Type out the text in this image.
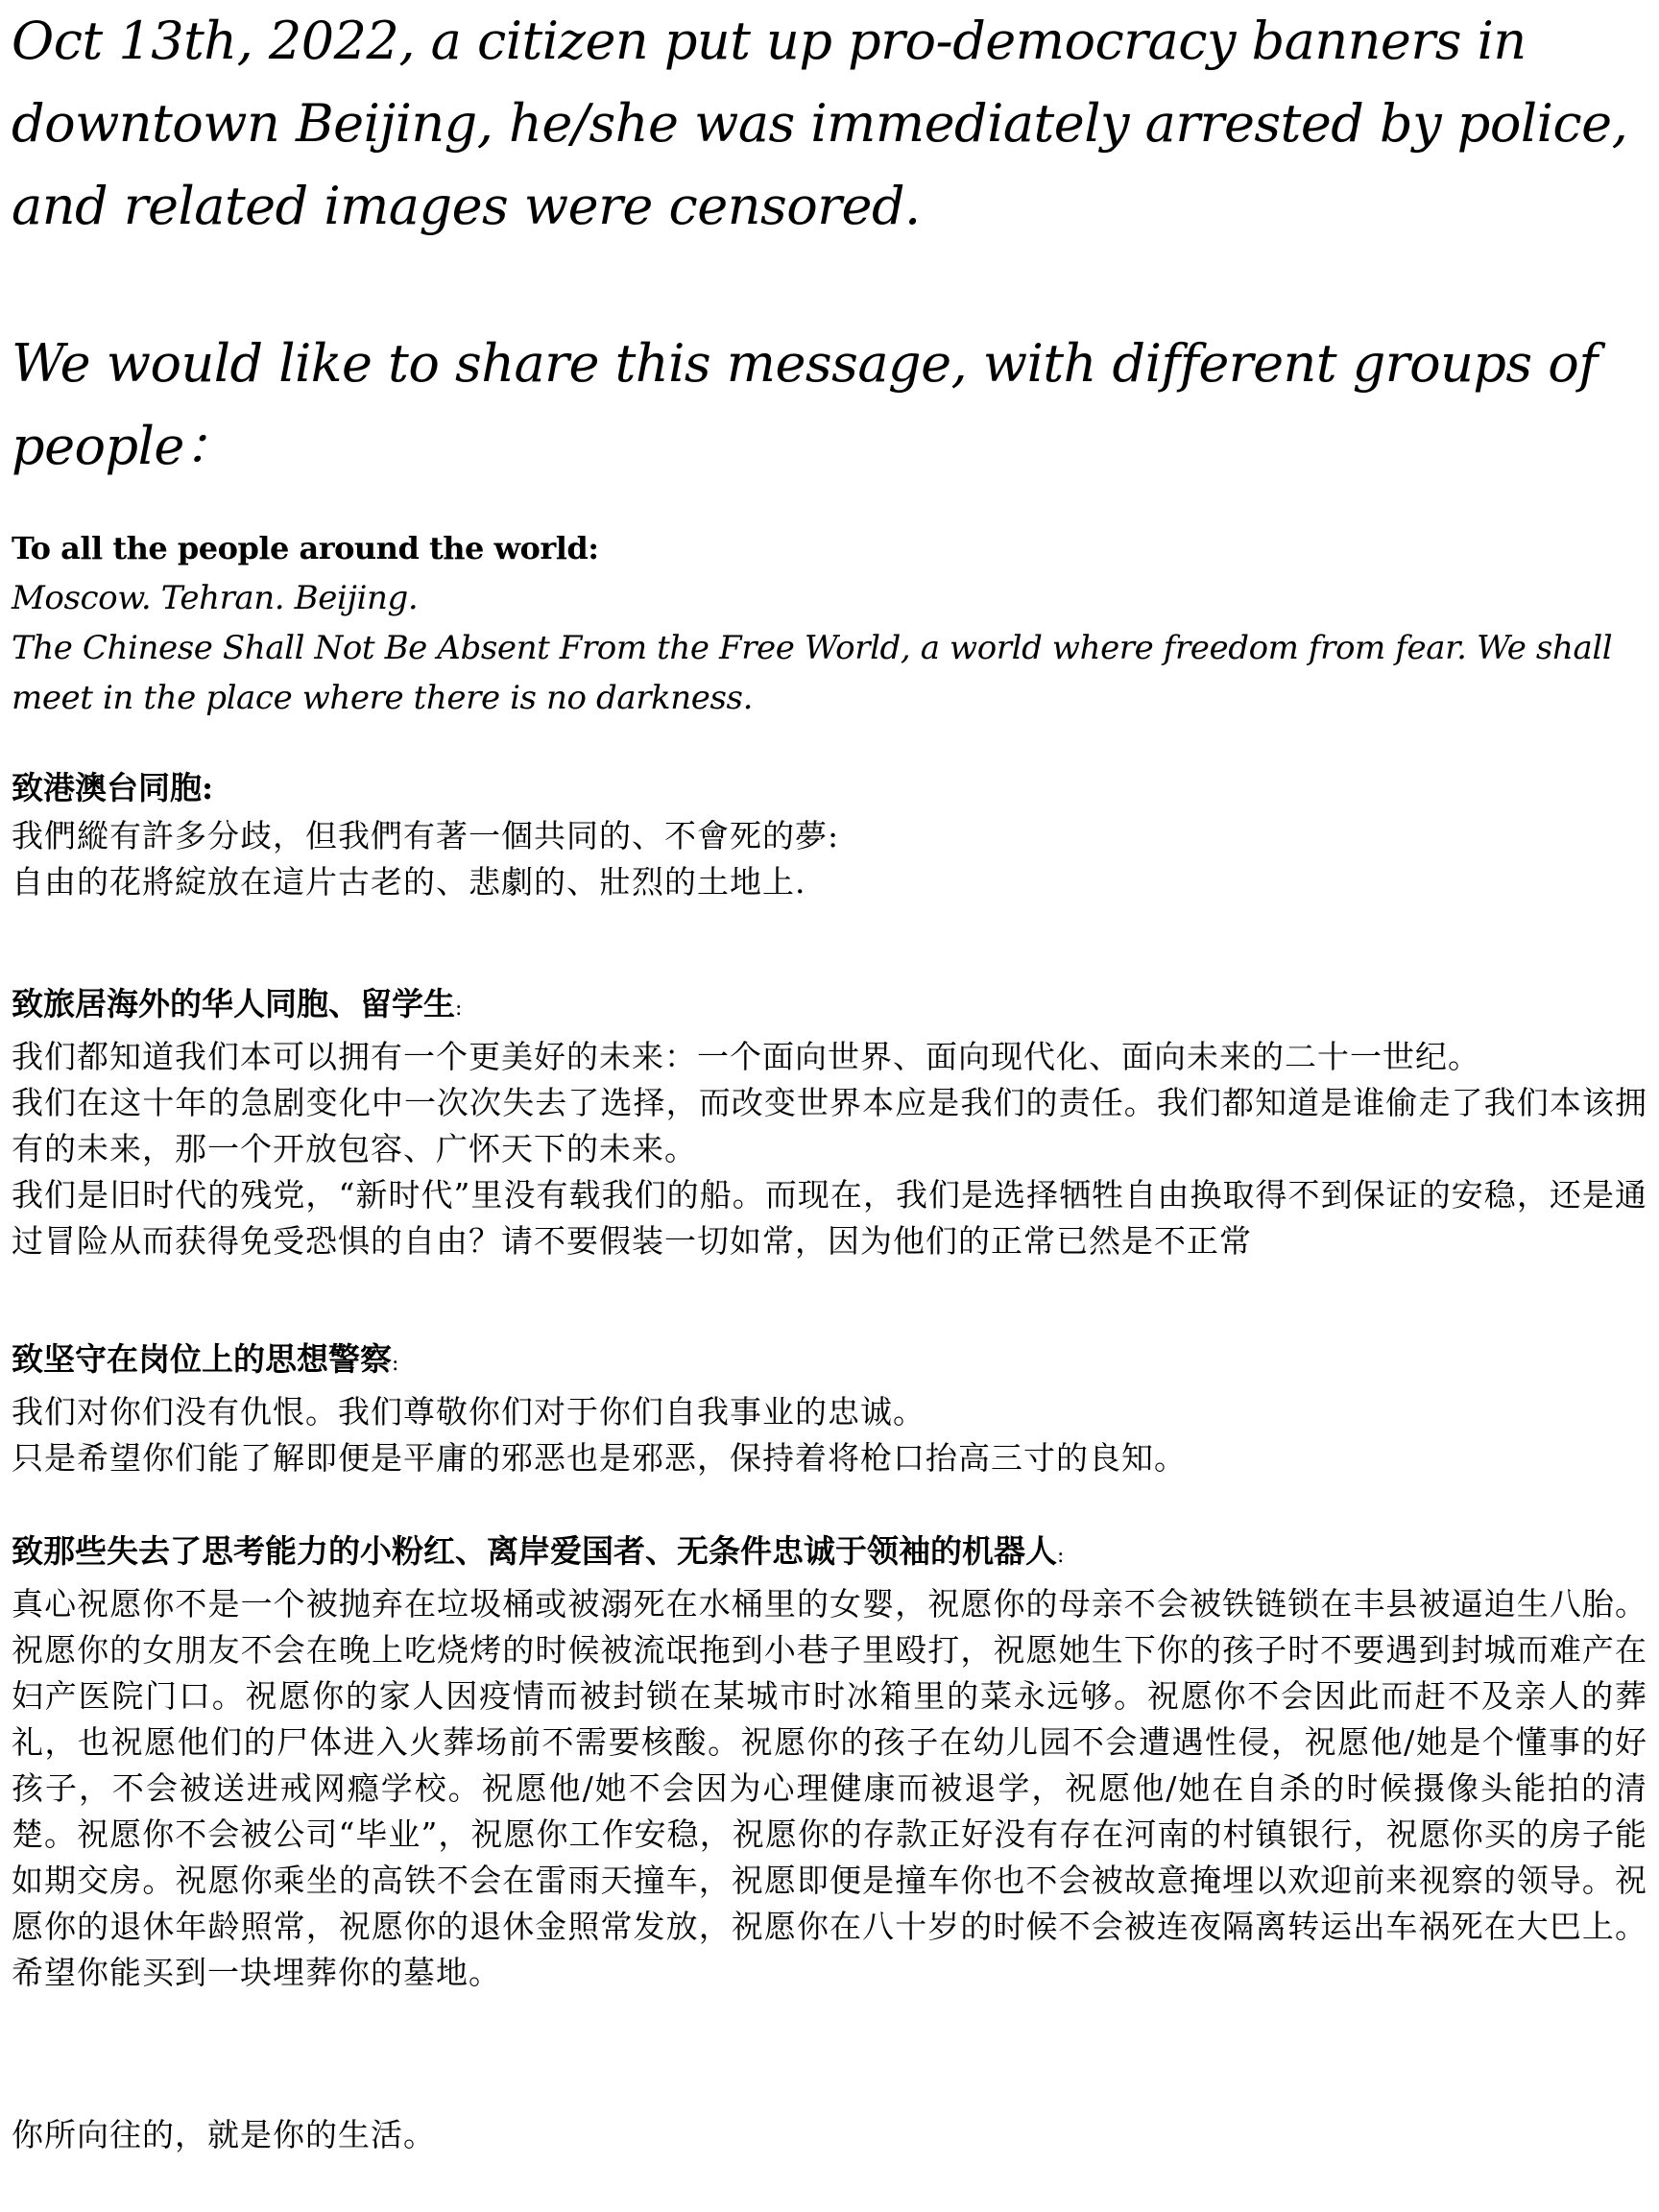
Oct 13th, 2022, a citizen put up pro-democracy banners in downtown Beijing, he/she was immediately arrested by police, and related images were censored.

We would like to share this message, with different groups of people：

To all the people around the world:

Moscow. Tehran. Beijing.

The Chinese Shall Not Be Absent From the Free World, a world where freedom from fear. We shall meet in the place where there is no darkness.

致港澳台同胞:

我們縱有許多分歧，但我們有著一個共同的、不會死的夢:

自由的花將綻放在這片古老的、悲劇的、壯烈的土地上.

致旅居海外的华人同胞、留学生:

我们都知道我们本可以拥有一个更美好的未来：一个面向世界、面向现代化、面向未来的二十一世纪。

我们在这十年的急剧变化中一次次失去了选择，而改变世界本应是我们的责任。我们都知道是谁偷走了我们本该拥有的未来，那一个开放包容、广怀天下的未来。

我们是旧时代的残党，“新时代”里没有载我们的船。而现在，我们是选择牺牲自由换取得不到保证的安稳，还是通过冒险从而获得免受恐惧的自由？请不要假装一切如常，因为他们的正常已然是不正常

致坚守在岗位上的思想警察:

我们对你们没有仇恨。我们尊敬你们对于你们自我事业的忠诚。

只是希望你们能了解即便是平庸的邪恶也是邪恶，保持着将枪口抬高三寸的良知。

致那些失去了思考能力的小粉红、离岸爱国者、无条件忠诚于领袖的机器人:

真心祝愿你不是一个被抛弃在垃圾桶或被溺死在水桶里的女婴，祝愿你的母亲不会被铁链锁在丰县被逼迫生八胎。祝愿你的女朋友不会在晚上吃烧烤的时候被流氓拖到小巷子里殴打，祝愿她生下你的孩子时不要遇到封城而难产在妇产医院门口。祝愿你的家人因疫情而被封锁在某城市时冰箱里的菜永远够。祝愿你不会因此而赶不及亲人的葬礼，也祝愿他们的尸体进入火葬场前不需要核酸。祝愿你的孩子在幼儿园不会遭遇性侵，祝愿他/她是个懂事的好孩子，不会被送进戒网瘾学校。祝愿他/她不会因为心理健康而被退学，祝愿他/她在自杀的时候摄像头能拍的清楚。祝愿你不会被公司“毕业”，祝愿你工作安稳，祝愿你的存款正好没有存在河南的村镇银行，祝愿你买的房子能如期交房。祝愿你乘坐的高铁不会在雷雨天撞车，祝愿即便是撞车你也不会被故意掩埋以欢迎前来视察的领导。祝愿你的退休年龄照常，祝愿你的退休金照常发放，祝愿你在八十岁的时候不会被连夜隔离转运出车祸死在大巴上。希望你能买到一块埋葬你的墓地。

你所向往的，就是你的生活。
